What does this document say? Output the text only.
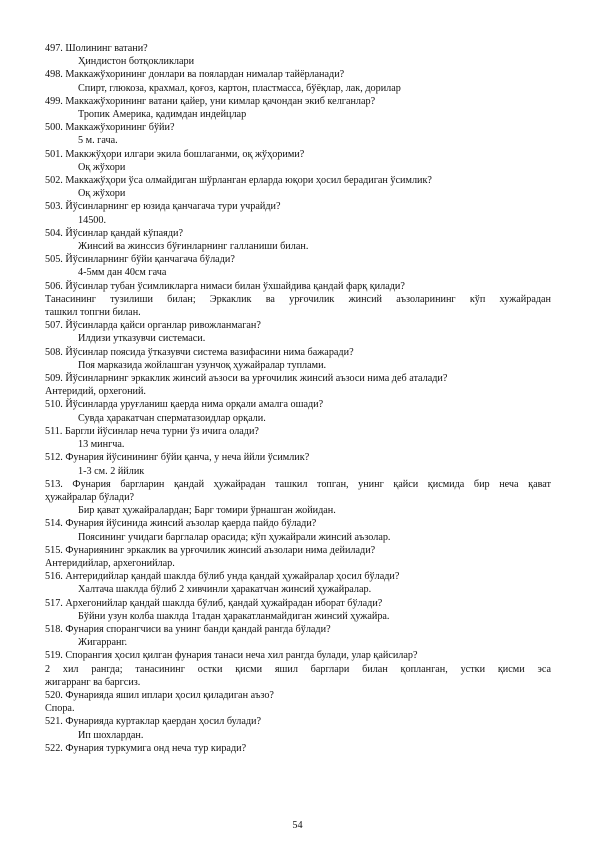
497. Шолининг ватани?
Ҳиндистон ботқокликлари
498. Маккажўхорининг донлари ва поялардан нималар тайёрланади?
Спирт, глюкоза, крахмал, қоғоз, картон, пластмасса, бўёқлар, лак, дорилар
499. Маккажўхорининг ватани қайер, уни кимлар қачондан экиб келганлар?
Тропик Америка, қадимдан индейцлар
500. Маккажўхорининг бўйи?
5 м. гача.
501. Маккжўҳори илгари экила бошлаганми, оқ жўҳорими?
Оқ жўхори
502. Маккажўҳори ўса олмайдиган шўрланган ерларда юқори ҳосил берадиган ўсимлик?
Оқ жўхори
503. Йўсинларнинг ер юзида қанчагача тури учрайди?
14500.
504. Йўсинлар қандай кўпаяди?
Жинсий ва жинссиз бўғинларнинг галланиши билан.
505. Йўсинларнинг бўйи қанчагача бўлади?
4-5мм дан 40см гача
506. Йўсинлар тубан ўсимликларга нимаси билан ўхшайдива қандай фарқ қилади?
Танасининг тузилиши билан; Эркаклик ва урғочилик жинсий аъзоларининг кўп хужайрадан
ташкил топгни билан.
507. Йўсинларда қайси органлар ривожланмаган?
Илдизи утказувчи системаси.
508. Йўсинлар поясида ўтказувчи система вазифасини нима бажаради?
Поя марказида жойлашган узунчоқ ҳужайралар туплами.
509. Йўсинларнинг эркаклик жинсий аъзоси ва урғочилик жинсий аъзоси нима деб аталади?
Антеридий, орхегоний.
510. Йўсинларда уруғланиш қаерда нима орқали амалга ошади?
Сувда ҳаракатчан сперматазоидлар орқали.
511. Баргли йўсинлар неча турни ўз ичига олади?
13 мингча.
512. Фунария йўсинининг бўйи қанча, у неча ййли ўсимлик?
1-3 см. 2 ййлик
513. Фунария баргларин қандай ҳужайрадан ташкил топган, унинг қайси қисмида бир неча қават
ҳужайралар бўлади?
Бир қават ҳужайралардан; Барг томири ўрнашган жойидан.
514. Фунария йўсинида жинсий аъзолар қаерда пайдо бўлади?
Поясининг учидаги барглалар орасида; кўп ҳужайрали жинсий аъзолар.
515. Фунариянинг эркаклик ва урғочилик жинсий аъзолари нима дейилади?
Антеридийлар, архегонийлар.
516. Антеридийлар қандай шаклда бўлиб унда қандай ҳужайралар ҳосил бўлади?
Халтача шаклда бўлиб 2 хивчинли ҳаракатчан жинсий ҳужайралар.
517. Архегонийлар қандай шаклда бўлиб, қандай ҳужайрадан иборат бўлади?
Бўйни узун колба шаклда 1тадан ҳаракатланмайдиган жинсий ҳужайра.
518. Фунария спорангчиси ва унинг банди қандай рангда бўлади?
Жигарранг.
519. Спорангия ҳосил қилган фунария танаси неча хил рангда булади, улар қайсилар?
2 хил рангда; танасининг остки қисми яшил барглари билан қопланган, устки қисми эса
жигарранг ва баргсиз.
520. Фунарияда яшил иплари ҳосил қиладиган аъзо?
Спора.
521. Фунарияда куртаклар қаердан ҳосил булади?
Ип шохлардан.
522. Фунария туркумига онд неча тур киради?
54
